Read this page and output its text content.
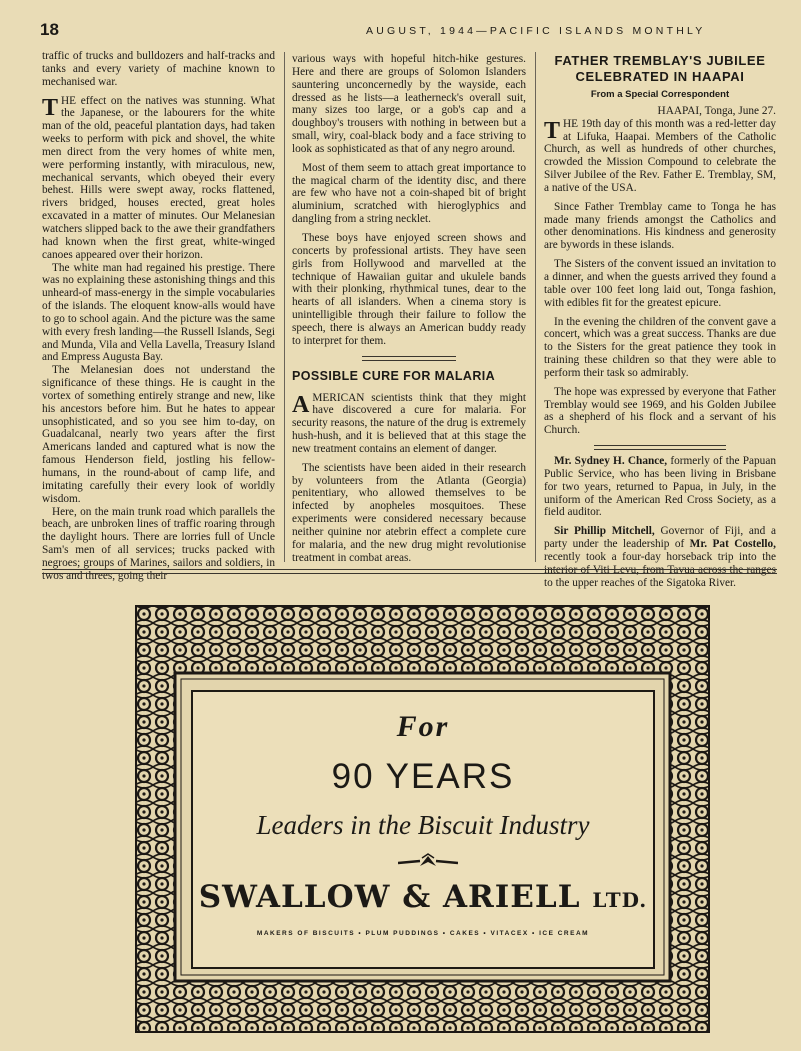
18	AUGUST, 1944—PACIFIC ISLANDS MONTHLY

traffic of trucks and bulldozers and half-tracks and tanks and every variety of machine known to mechanised war.

THE effect on the natives was stunning. What the Japanese, or the labourers for the white man of the old, peaceful plantation days, had taken weeks to perform with pick and shovel, the white men direct from the very homes of white men, were performing instantly, with miraculous, new, mechanical servants, which obeyed their every behest. Hills were swept away, rocks flattened, rivers bridged, houses erected, great holes excavated in a matter of minutes. Our Melanesian watchers slipped back to the awe their grandfathers had known when the first great, white-winged canoes appeared over their horizon.

The white man had regained his prestige. There was no explaining these astonishing things and this unheard-of mass-energy in the simple vocabularies of the islands. The eloquent know-alls would have to go to school again. And the picture was the same with every fresh landing—the Russell Islands, Segi and Munda, Vila and Vella Lavella, Treasury Island and Empress Augusta Bay.

The Melanesian does not understand the significance of these things. He is caught in the vortex of something entirely strange and new, like his ancestors before him. But he hates to appear unsophisticated, and so you see him to-day, on Guadalcanal, nearly two years after the first Americans landed and captured what is now the famous Henderson field, jostling his fellow-humans, in the round-about of camp life, and imitating carefully their every look of worldly wisdom.

Here, on the main trunk road which parallels the beach, are unbroken lines of traffic roaring through the daylight hours. There are lorries full of Uncle Sam's men of all services; trucks packed with negroes; groups of Marines, sailors and soldiers, in twos and threes, going their

various ways with hopeful hitch-hike gestures. Here and there are groups of Solomon Islanders sauntering unconcernedly by the wayside, each dressed as he lists—a leatherneck's overall suit, many sizes too large, or a gob's cap and a doughboy's trousers with nothing in between but a small, wiry, coal-black body and a face striving to look as sophisticated as that of any negro around.

Most of them seem to attach great importance to the magical charm of the identity disc, and there are few who have not a coin-shaped bit of bright aluminium, scratched with hieroglyphics and dangling from a string necklet.

These boys have enjoyed screen shows and concerts by professional artists. They have seen girls from Hollywood and marvelled at the technique of Hawaiian guitar and ukulele bands with their plonking, rhythmical tunes, dear to the hearts of all islanders. When a cinema story is unintelligible through their failure to follow the speech, there is always an American buddy ready to interpret for them.

POSSIBLE CURE FOR MALARIA

AMERICAN scientists think that they might have discovered a cure for malaria. For security reasons, the nature of the drug is extremely hush-hush, and it is believed that at this stage the new treatment contains an element of danger.

The scientists have been aided in their research by volunteers from the Atlanta (Georgia) penitentiary, who allowed themselves to be infected by anopheles mosquitoes. These experiments were considered necessary because neither quinine nor atebrin effect a complete cure for malaria, and the new drug might revolutionise treatment in combat areas.

FATHER TREMBLAY'S JUBILEE CELEBRATED IN HAAPAI
From a Special Correspondent

HAAPAI, Tonga, June 27.

THE 19th day of this month was a red-letter day at Lifuka, Haapai. Members of the Catholic Church, as well as hundreds of other churches, crowded the Mission Compound to celebrate the Silver Jubilee of the Rev. Father E. Tremblay, SM, a native of the USA.

Since Father Tremblay came to Tonga he has made many friends amongst the Catholics and other denominations. His kindness and generosity are bywords in these islands.

The Sisters of the convent issued an invitation to a dinner, and when the guests arrived they found a table over 100 feet long laid out, Tonga fashion, with edibles fit for the greatest epicure.

In the evening the children of the convent gave a concert, which was a great success. Thanks are due to the Sisters for the great patience they took in training these children so that they were able to perform their task so admirably.

The hope was expressed by everyone that Father Tremblay would see 1969, and his Golden Jubilee as a shepherd of his flock and a servant of his Church.

Mr. Sydney H. Chance, formerly of the Papuan Public Service, who has been living in Brisbane for two years, returned to Papua, in July, in the uniform of the American Red Cross Society, as a field auditor.

Sir Phillip Mitchell, Governor of Fiji, and a party under the leadership of Mr. Pat Costello, recently took a four-day horseback trip into the interior of Viti Levu, from Tavua across the ranges to the upper reaches of the Sigatoka River.

For
90 YEARS
Leaders in the Biscuit Industry
SWALLOW & ARIELL LTD.
MAKERS OF BISCUITS • PLUM PUDDINGS • CAKES • VITACEX • ICE CREAM
